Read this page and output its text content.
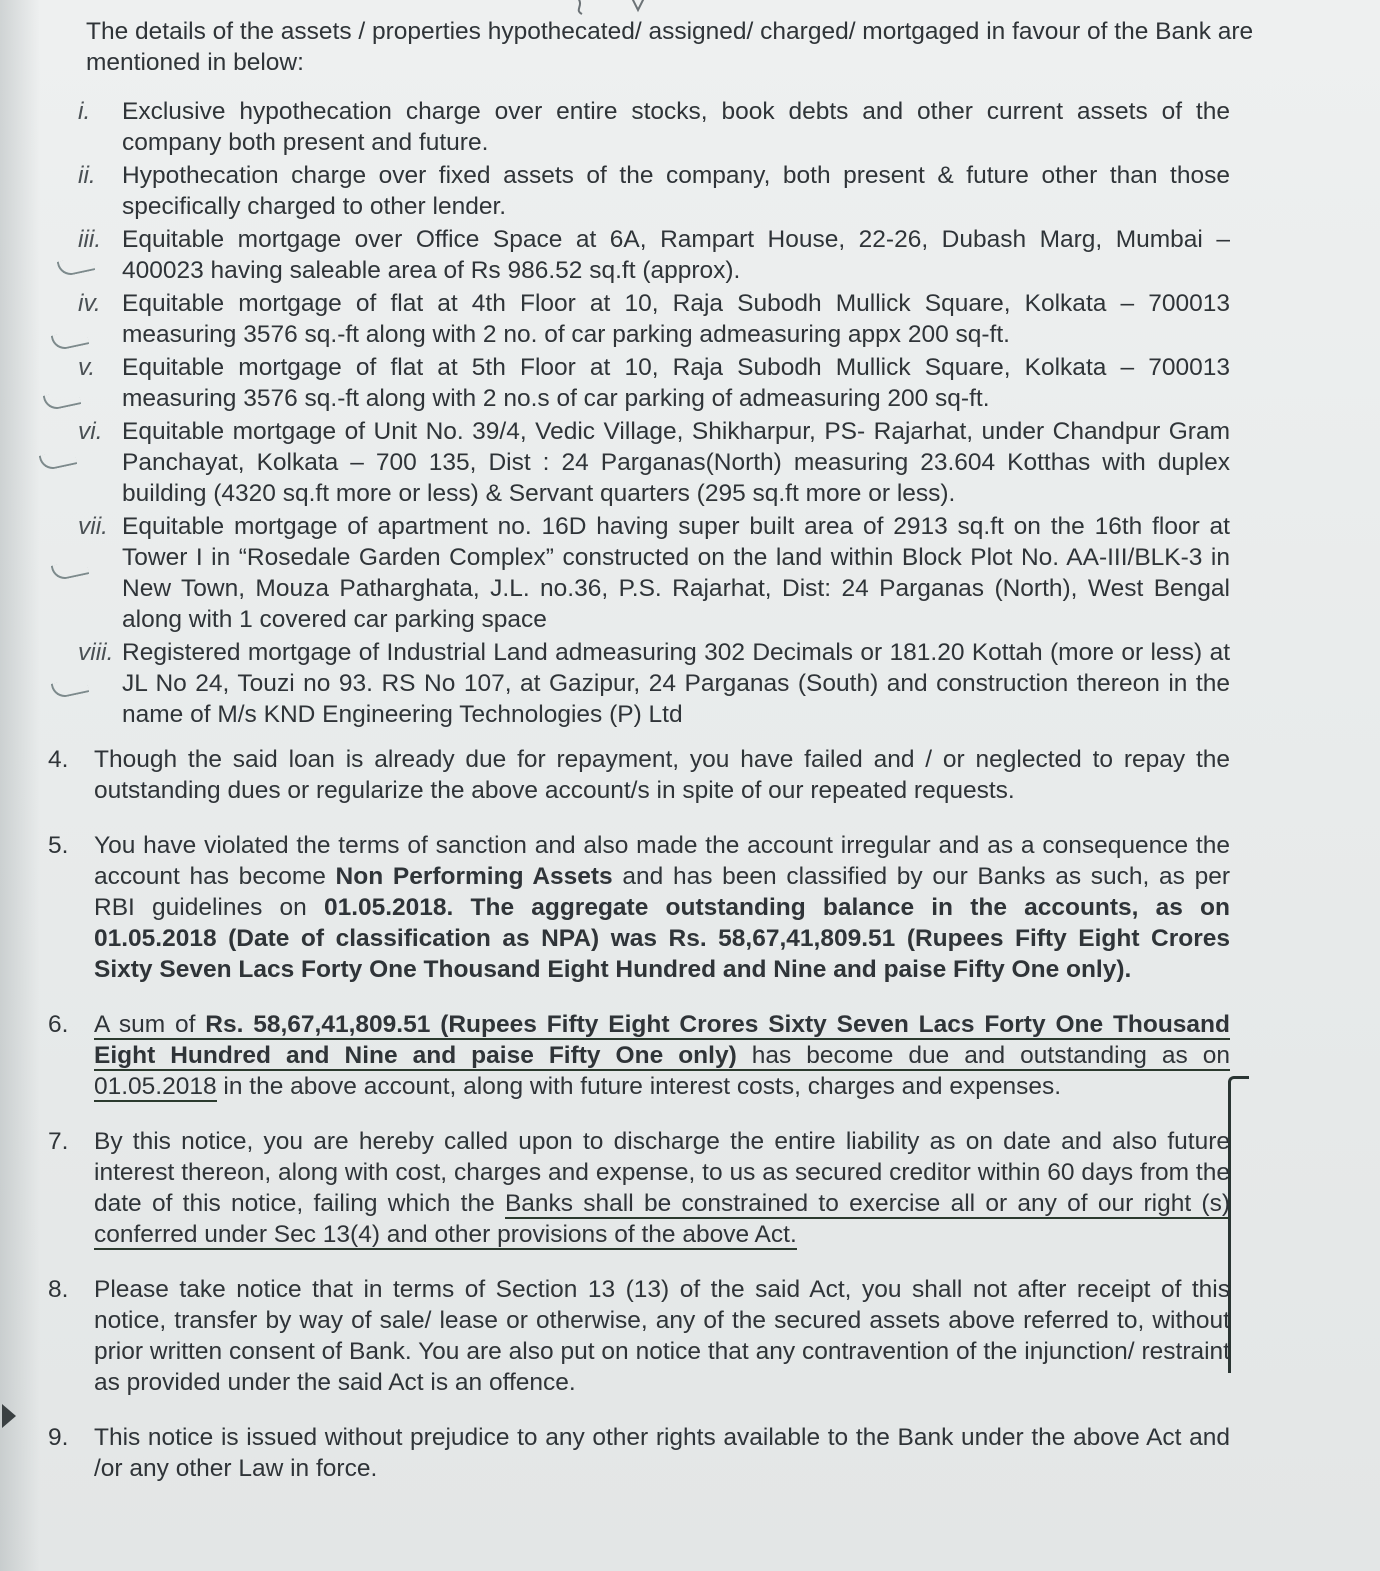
The details of the assets / properties hypothecated/ assigned/ charged/ mortgaged in favour of the Bank are mentioned in below:
i.	Exclusive hypothecation charge over entire stocks, book debts and other current assets of the company both present and future.
ii.	Hypothecation charge over fixed assets of the company, both present & future other than those specifically charged to other lender.
iii. Equitable mortgage over Office Space at 6A, Rampart House, 22-26, Dubash Marg, Mumbai – 400023 having saleable area of Rs 986.52 sq.ft (approx).
iv. Equitable mortgage of flat at 4th Floor at 10, Raja Subodh Mullick Square, Kolkata – 700013 measuring 3576 sq.-ft along with 2 no. of car parking admeasuring appx 200 sq-ft.
v.	Equitable mortgage of flat at 5th Floor at 10, Raja Subodh Mullick Square, Kolkata – 700013 measuring 3576 sq.-ft along with 2 no.s of car parking of admeasuring 200 sq-ft.
vi. Equitable mortgage of Unit No. 39/4, Vedic Village, Shikharpur, PS- Rajarhat, under Chandpur Gram Panchayat, Kolkata – 700 135, Dist : 24 Parganas(North) measuring 23.604 Kotthas with duplex building (4320 sq.ft more or less) & Servant quarters (295 sq.ft more or less).
vii. Equitable mortgage of apartment no. 16D having super built area of 2913 sq.ft on the 16th floor at Tower I in “Rosedale Garden Complex” constructed on the land within Block Plot No. AA-III/BLK-3 in New Town, Mouza Patharghata, J.L. no.36, P.S. Rajarhat, Dist: 24 Parganas (North), West Bengal along with 1 covered car parking space
viii. Registered mortgage of Industrial Land admeasuring 302 Decimals or 181.20 Kottah (more or less) at JL No 24, Touzi no 93. RS No 107, at Gazipur, 24 Parganas (South) and construction thereon in the name of M/s KND Engineering Technologies (P) Ltd
4.	Though the said loan is already due for repayment, you have failed and / or neglected to repay the outstanding dues or regularize the above account/s in spite of our repeated requests.
5.	You have violated the terms of sanction and also made the account irregular and as a consequence the account has become Non Performing Assets and has been classified by our Banks as such, as per RBI guidelines on 01.05.2018. The aggregate outstanding balance in the accounts, as on 01.05.2018 (Date of classification as NPA) was Rs. 58,67,41,809.51 (Rupees Fifty Eight Crores Sixty Seven Lacs Forty One Thousand Eight Hundred and Nine and paise Fifty One only).
6.	A sum of Rs. 58,67,41,809.51 (Rupees Fifty Eight Crores Sixty Seven Lacs Forty One Thousand Eight Hundred and Nine and paise Fifty One only) has become due and outstanding as on 01.05.2018 in the above account, along with future interest costs, charges and expenses.
7.	By this notice, you are hereby called upon to discharge the entire liability as on date and also future interest thereon, along with cost, charges and expense, to us as secured creditor within 60 days from the date of this notice, failing which the Banks shall be constrained to exercise all or any of our right (s) conferred under Sec 13(4) and other provisions of the above Act.
8.	Please take notice that in terms of Section 13 (13) of the said Act, you shall not after receipt of this notice, transfer by way of sale/ lease or otherwise, any of the secured assets above referred to, without prior written consent of Bank. You are also put on notice that any contravention of the injunction/ restraint as provided under the said Act is an offence.
9.	This notice is issued without prejudice to any other rights available to the Bank under the above Act and /or any other Law in force.
